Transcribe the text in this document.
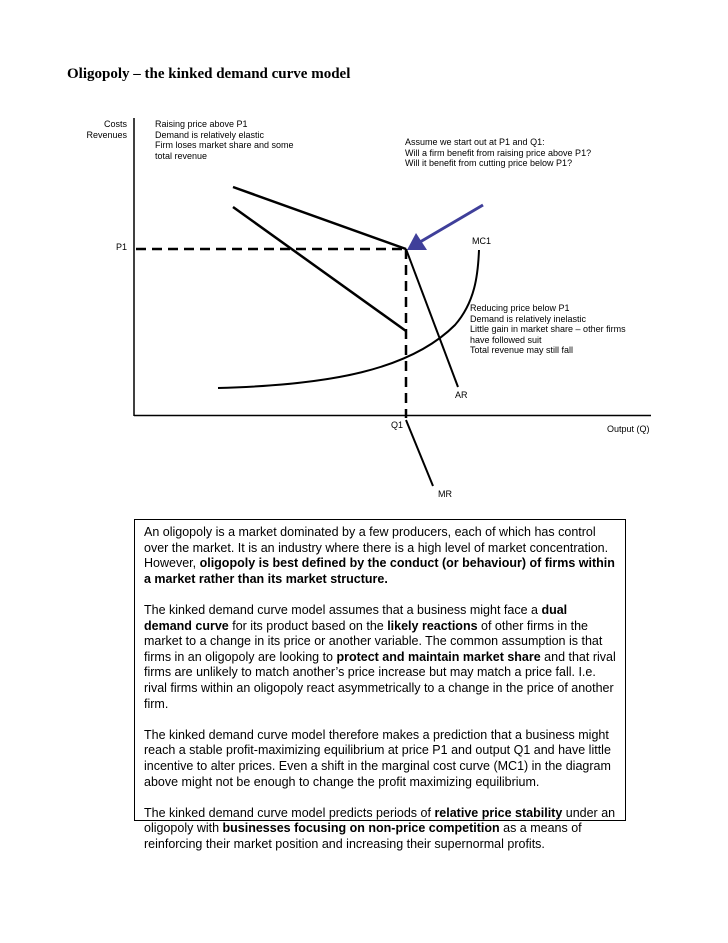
Oligopoly – the kinked demand curve model
Costs
Revenues
P1
Q1	Output (Q)
MC1
AR
MR
Raising price above P1
Demand is relatively elastic
Firm loses market share and some
total revenue
Assume we start out at P1 and Q1:
Will a firm benefit from raising price above P1?
Will it benefit from cutting price below P1?
Reducing price below P1
Demand is relatively inelastic
Little gain in market share – other firms
have followed suit
Total revenue may still fall

An oligopoly is a market dominated by a few producers, each of which has control over the market. It is an industry where there is a high level of market concentration. However, oligopoly is best defined by the conduct (or behaviour) of firms within a market rather than its market structure.

The kinked demand curve model assumes that a business might face a dual demand curve for its product based on the likely reactions of other firms in the market to a change in its price or another variable. The common assumption is that firms in an oligopoly are looking to protect and maintain market share and that rival firms are unlikely to match another’s price increase but may match a price fall. I.e. rival firms within an oligopoly react asymmetrically to a change in the price of another firm.

The kinked demand curve model therefore makes a prediction that a business might reach a stable profit-maximizing equilibrium at price P1 and output Q1 and have little incentive to alter prices. Even a shift in the marginal cost curve (MC1) in the diagram above might not be enough to change the profit maximizing equilibrium.

The kinked demand curve model predicts periods of relative price stability under an oligopoly with businesses focusing on non-price competition as a means of reinforcing their market position and increasing their supernormal profits.
